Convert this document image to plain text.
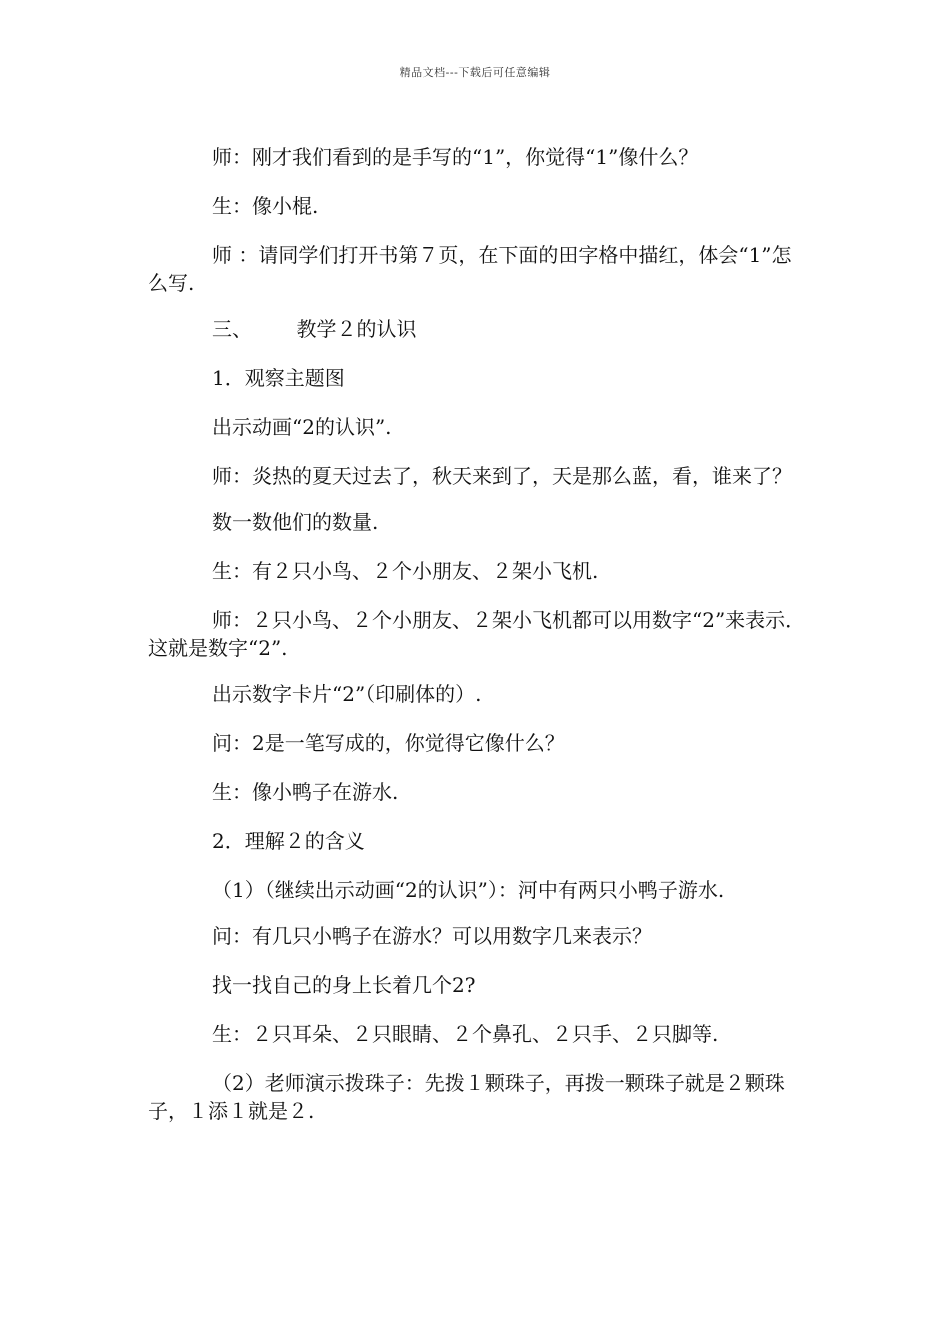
精品文档---下载后可任意编辑

师：刚才我们看到的是手写的“1”，你觉得“1”像什么？

生：像小棍.

师 ：请同学们打开书第７页，在下面的田字格中描红，体会“1”怎么写.

三、       教学２的认识

1．观察主题图

出示动画“2的认识”.

师：炎热的夏天过去了，秋天来到了，天是那么蓝，看，谁来了？

数一数他们的数量.

生：有２只小鸟、２个小朋友、２架小飞机.

师：２只小鸟、２个小朋友、２架小飞机都可以用数字“2”来表示．这就是数字“2”.

出示数字卡片“2”（印刷体的）.

问：2是一笔写成的，你觉得它像什么？

生：像小鸭子在游水.

2．理解２的含义

（1）（继续出示动画“2的认识”）：河中有两只小鸭子游水.

问：有几只小鸭子在游水？可以用数字几来表示？

找一找自己的身上长着几个2?

生：２只耳朵、２只眼睛、２个鼻孔、２只手、２只脚等.

（2）老师演示拨珠子：先拨１颗珠子，再拨一颗珠子就是２颗珠子，１添１就是２.
